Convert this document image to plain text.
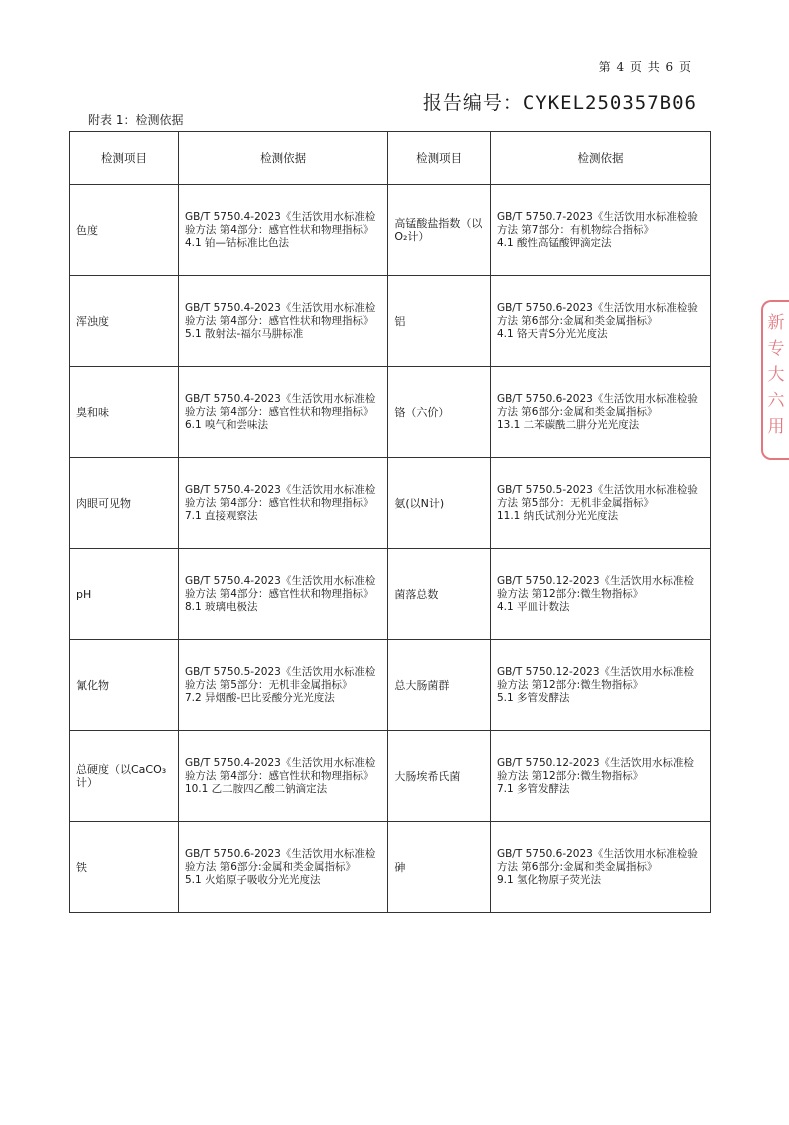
第 4 页 共 6 页
报告编号：CYKEL250357B06
附表 1：检测依据
检测项目	检测依据	检测项目	检测依据

色度	GB/T 5750.4-2023《生活饮用水标准检验方法 第4部分：感官性状和物理指标》
4.1 铂—钴标准比色法	高锰酸盐指数（以O₂计）	GB/T 5750.7-2023《生活饮用水标准检验方法 第7部分：有机物综合指标》
4.1 酸性高锰酸钾滴定法

浑浊度	GB/T 5750.4-2023《生活饮用水标准检验方法 第4部分：感官性状和物理指标》
5.1 散射法-福尔马肼标准	铝	GB/T 5750.6-2023《生活饮用水标准检验方法 第6部分:金属和类金属指标》
4.1 铬天青S分光光度法

臭和味	GB/T 5750.4-2023《生活饮用水标准检验方法 第4部分：感官性状和物理指标》
6.1 嗅气和尝味法	铬（六价）	GB/T 5750.6-2023《生活饮用水标准检验方法 第6部分:金属和类金属指标》
13.1 二苯碳酰二肼分光光度法

肉眼可见物	GB/T 5750.4-2023《生活饮用水标准检验方法 第4部分：感官性状和物理指标》
7.1 直接观察法	氨(以N计)	GB/T 5750.5-2023《生活饮用水标准检验方法 第5部分：无机非金属指标》
11.1 纳氏试剂分光光度法

pH	GB/T 5750.4-2023《生活饮用水标准检验方法 第4部分：感官性状和物理指标》
8.1 玻璃电极法	菌落总数	GB/T 5750.12-2023《生活饮用水标准检验方法 第12部分:微生物指标》
4.1 平皿计数法

氰化物	GB/T 5750.5-2023《生活饮用水标准检验方法 第5部分：无机非金属指标》
7.2 异烟酸-巴比妥酸分光光度法	总大肠菌群	GB/T 5750.12-2023《生活饮用水标准检验方法 第12部分:微生物指标》
5.1 多管发酵法

总硬度（以CaCO₃计）	GB/T 5750.4-2023《生活饮用水标准检验方法 第4部分：感官性状和物理指标》
10.1 乙二胺四乙酸二钠滴定法	大肠埃希氏菌	GB/T 5750.12-2023《生活饮用水标准检验方法 第12部分:微生物指标》
7.1 多管发酵法

铁	GB/T 5750.6-2023《生活饮用水标准检验方法 第6部分:金属和类金属指标》
5.1 火焰原子吸收分光光度法	砷	GB/T 5750.6-2023《生活饮用水标准检验方法 第6部分:金属和类金属指标》
9.1 氢化物原子荧光法
新
专
大
六
用
